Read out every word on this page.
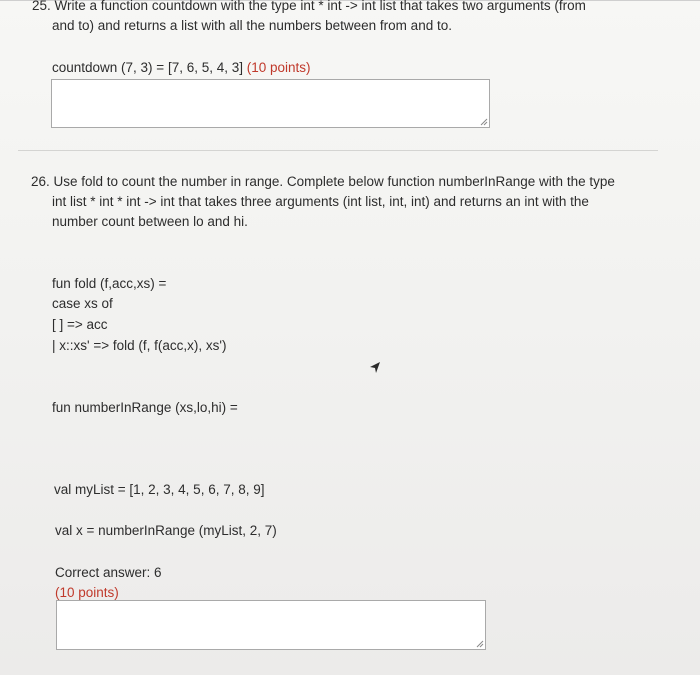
25. Write a function countdown with the type int * int -> int list that takes two arguments (from
and to) and returns a list with all the numbers between from and to.
countdown (7, 3) = [7, 6, 5, 4, 3] (10 points)
26. Use fold to count the number in range. Complete below function numberInRange with the type
int list * int * int -> int that takes three arguments (int list, int, int) and returns an int with the
number count between lo and hi.
fun fold (f,acc,xs) =
case xs of
[ ] => acc
| x::xs' => fold (f, f(acc,x), xs')
fun numberInRange (xs,lo,hi) =
val myList = [1, 2, 3, 4, 5, 6, 7, 8, 9]
val x = numberInRange (myList, 2, 7)
Correct answer: 6
(10 points)
